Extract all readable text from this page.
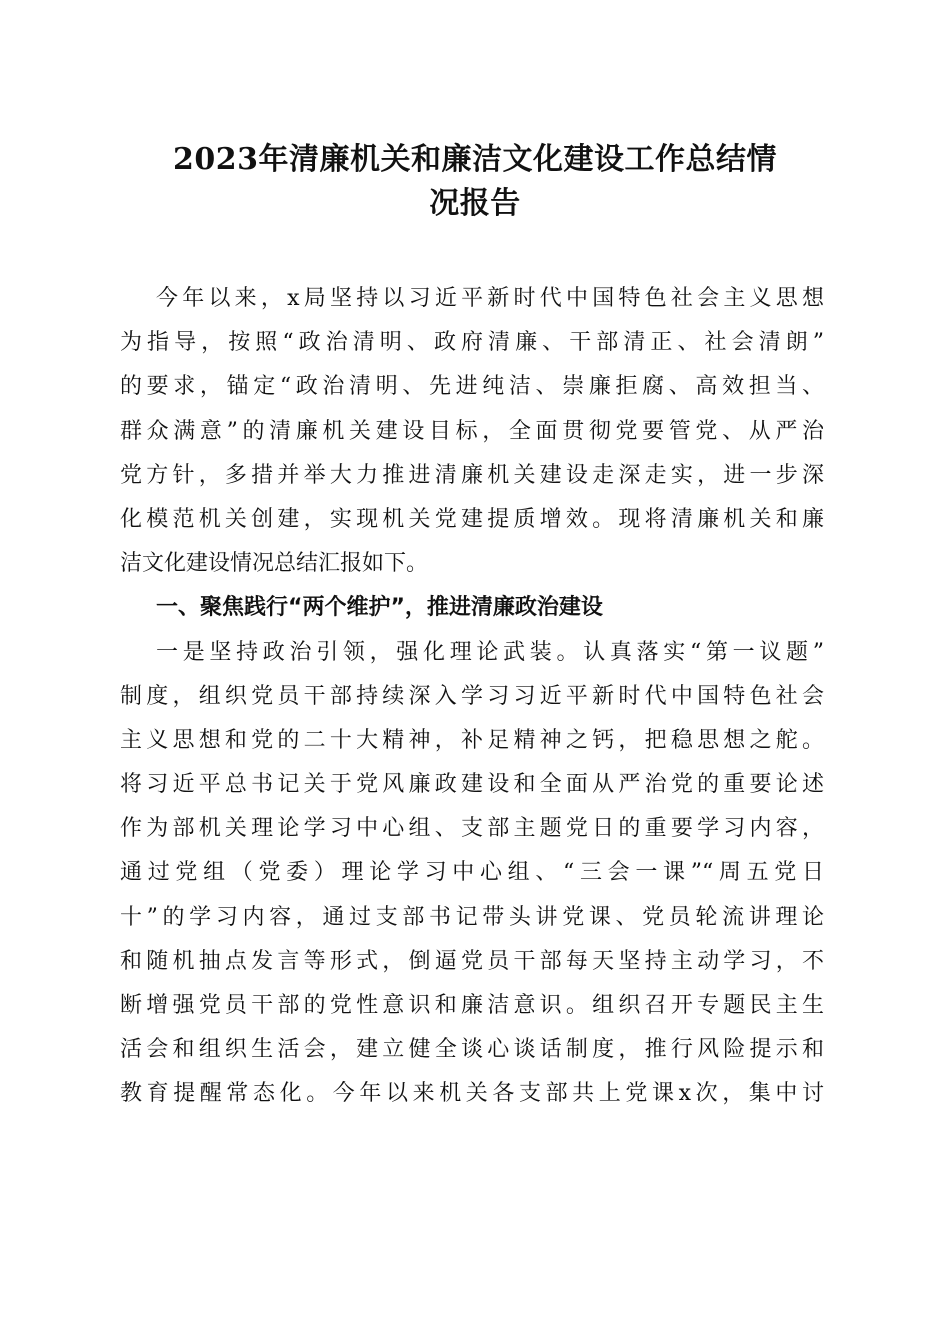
2023年清廉机关和廉洁文化建设工作总结情
况报告
今年以来，x局坚持以习近平新时代中国特色社会主义思想
为指导，按照“政治清明、政府清廉、干部清正、社会清朗”
的要求，锚定“政治清明、先进纯洁、崇廉拒腐、高效担当、
群众满意”的清廉机关建设目标，全面贯彻党要管党、从严治
党方针，多措并举大力推进清廉机关建设走深走实，进一步深
化模范机关创建，实现机关党建提质增效。现将清廉机关和廉
洁文化建设情况总结汇报如下。
一、聚焦践行“两个维护”，推进清廉政治建设
一是坚持政治引领，强化理论武装。认真落实“第一议题”
制度，组织党员干部持续深入学习习近平新时代中国特色社会
主义思想和党的二十大精神，补足精神之钙，把稳思想之舵。
将习近平总书记关于党风廉政建设和全面从严治党的重要论述
作为部机关理论学习中心组、支部主题党日的重要学习内容，
通过党组（党委）理论学习中心组、“三会一课”“周五党日
十”的学习内容，通过支部书记带头讲党课、党员轮流讲理论
和随机抽点发言等形式，倒逼党员干部每天坚持主动学习，不
断增强党员干部的党性意识和廉洁意识。组织召开专题民主生
活会和组织生活会，建立健全谈心谈话制度，推行风险提示和
教育提醒常态化。今年以来机关各支部共上党课x次，集中讨
